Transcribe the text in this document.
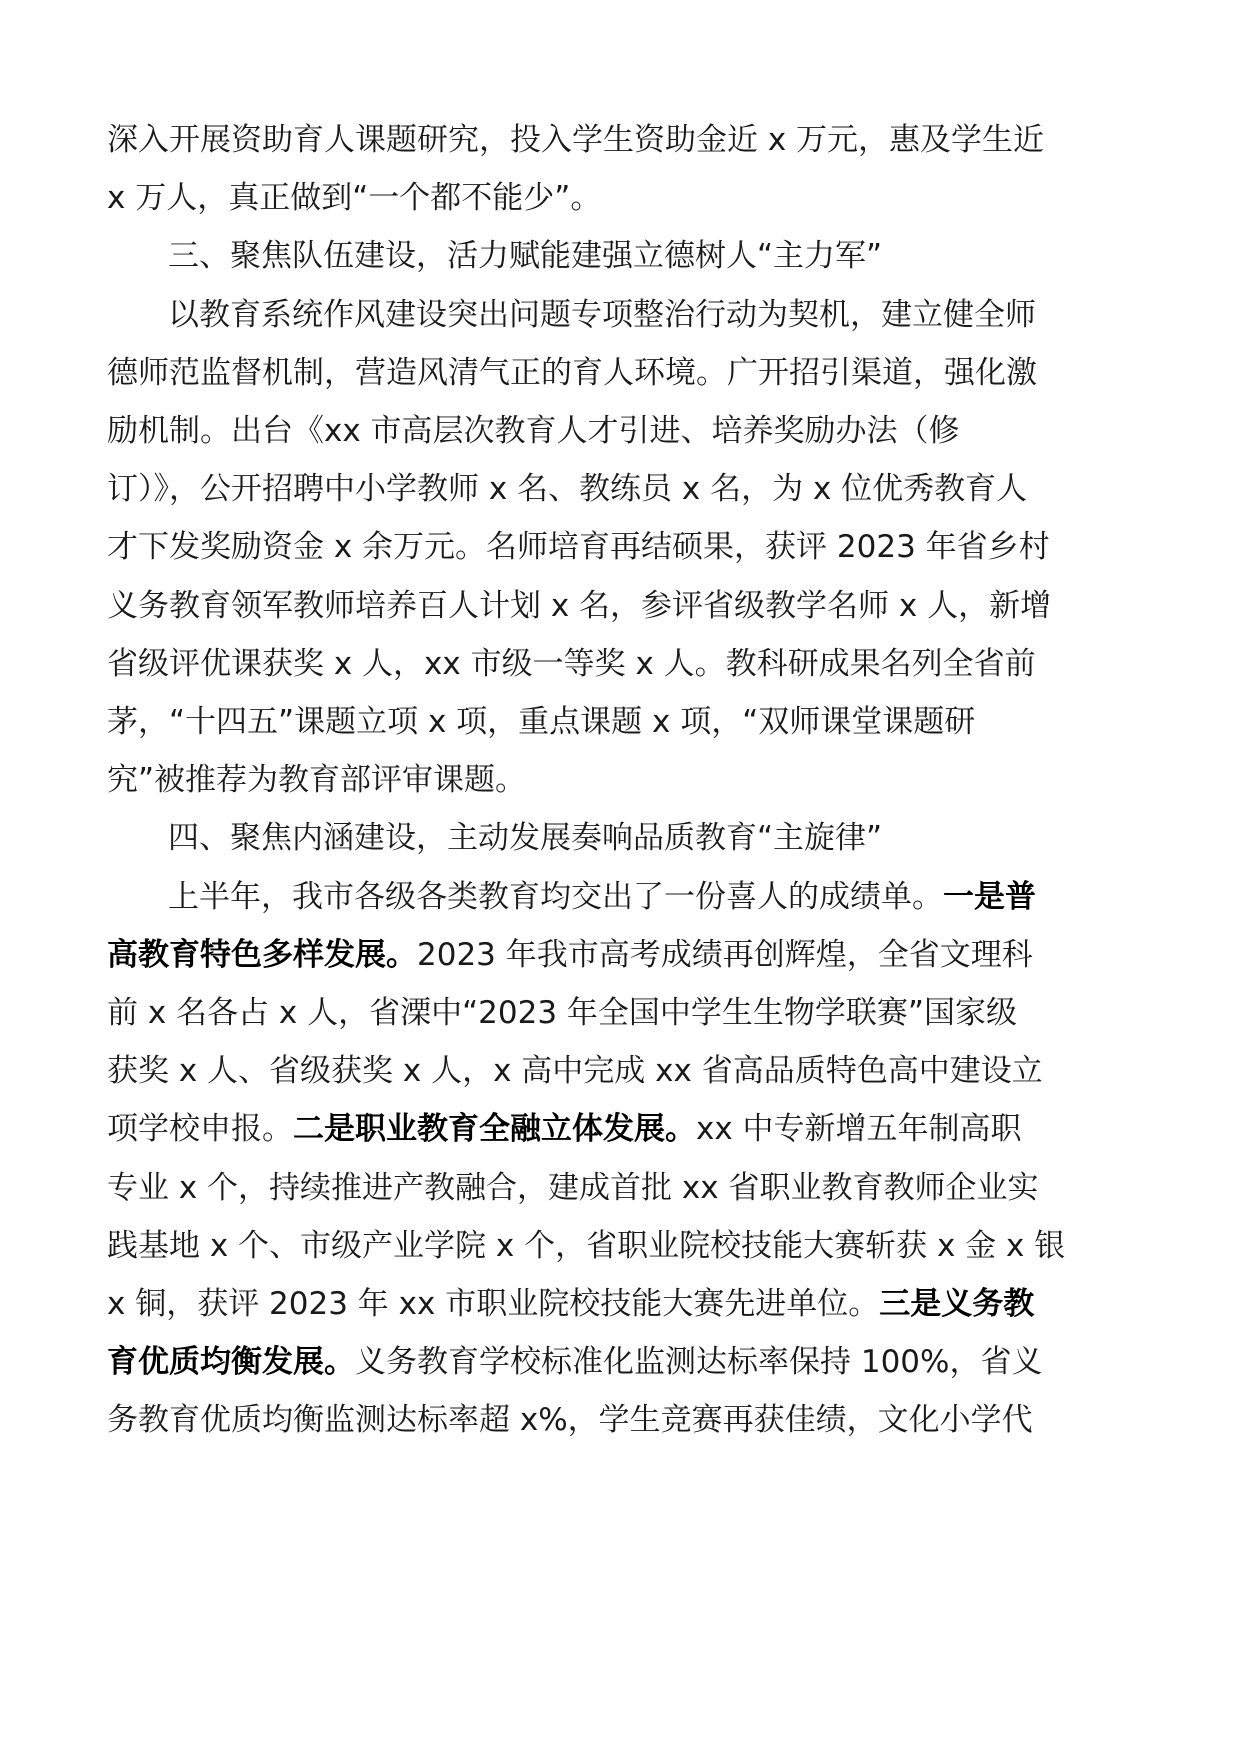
深入开展资助育人课题研究，投入学生资助金近 x 万元，惠及学生近
x 万人，真正做到“一个都不能少”。
三、聚焦队伍建设，活力赋能建强立德树人“主力军”
以教育系统作风建设突出问题专项整治行动为契机，建立健全师
德师范监督机制，营造风清气正的育人环境。广开招引渠道，强化激
励机制。出台《xx 市高层次教育人才引进、培养奖励办法（修
订）》，公开招聘中小学教师 x 名、教练员 x 名，为 x 位优秀教育人
才下发奖励资金 x 余万元。名师培育再结硕果，获评 2023 年省乡村
义务教育领军教师培养百人计划 x 名，参评省级教学名师 x 人，新增
省级评优课获奖 x 人，xx 市级一等奖 x 人。教科研成果名列全省前
茅，“十四五”课题立项 x 项，重点课题 x 项，“双师课堂课题研
究”被推荐为教育部评审课题。
四、聚焦内涵建设，主动发展奏响品质教育“主旋律”
上半年，我市各级各类教育均交出了一份喜人的成绩单。一是普
高教育特色多样发展。2023 年我市高考成绩再创辉煌，全省文理科
前 x 名各占 x 人，省溧中“2023 年全国中学生生物学联赛”国家级
获奖 x 人、省级获奖 x 人，x 高中完成 xx 省高品质特色高中建设立
项学校申报。二是职业教育全融立体发展。xx 中专新增五年制高职
专业 x 个，持续推进产教融合，建成首批 xx 省职业教育教师企业实
践基地 x 个、市级产业学院 x 个，省职业院校技能大赛斩获 x 金 x 银
x 铜，获评 2023 年 xx 市职业院校技能大赛先进单位。三是义务教
育优质均衡发展。义务教育学校标准化监测达标率保持 100%，省义
务教育优质均衡监测达标率超 x%，学生竞赛再获佳绩，文化小学代
